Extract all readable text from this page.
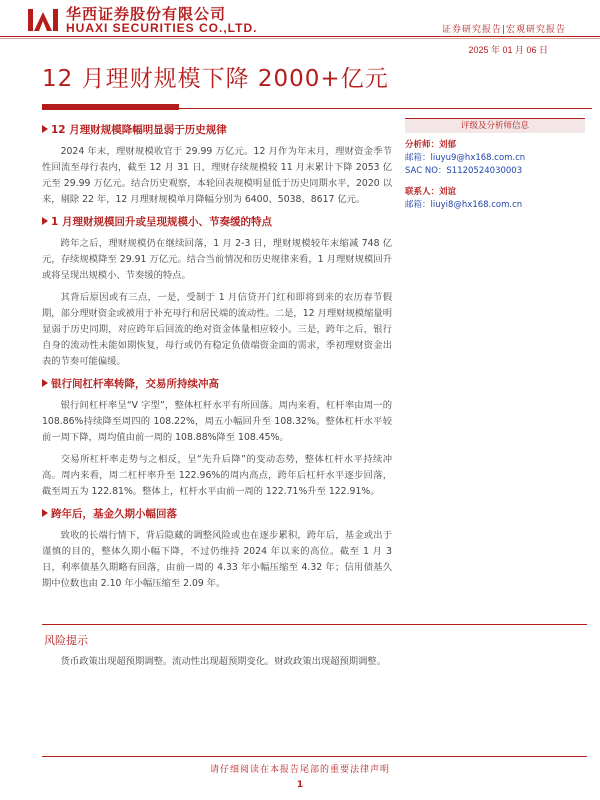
华西证券股份有限公司
HUAXI SECURITIES CO.,LTD.	证券研究报告|宏观研究报告
2025 年 01 月 06 日
12 月理财规模下降 2000+亿元
12 月理财规模降幅明显弱于历史规律

2024 年末，理财规模收官于 29.99 万亿元。12 月作为年末月，理财资金季节性回流至母行表内，截至 12 月 31 日，理财存续规模较 11 月末累计下降 2053 亿元至 29.99 万亿元。结合历史观察，本轮回表规模明显低于历史同期水平，2020 以来，剔除 22 年，12 月理财规模单月降幅分别为 6400、5038、8617 亿元。

1 月理财规模回升或呈现规模小、节奏缓的特点

跨年之后，理财规模仍在继续回落，1 月 2-3 日，理财规模较年末缩减 748 亿元，存续规模降至 29.91 万亿元。结合当前情况和历史规律来看，1 月理财规模回升或将呈现出规模小、节奏缓的特点。

其背后原因或有三点，一是，受制于 1 月信贷开门红和即将到来的农历春节假期，部分理财资金或被用于补充母行和居民端的流动性。二是，12 月理财规模缩量明显弱于历史同期，对应跨年后回流的绝对资金体量相应较小。三是，跨年之后，银行自身的流动性未能如期恢复，母行或仍有稳定负债端资金面的需求，季初理财资金出表的节奏可能偏缓。

银行间杠杆率转降，交易所持续冲高

银行间杠杆率呈“V 字型”，整体杠杆水平有所回落。周内来看，杠杆率由周一的 108.86%持续降至周四的 108.22%，周五小幅回升至 108.32%。整体杠杆水平较前一周下降，周均值由前一周的 108.88%降至 108.45%。

交易所杠杆率走势与之相反，呈“先升后降”的变动态势，整体杠杆水平持续冲高。周内来看，周二杠杆率升至 122.96%的周内高点，跨年后杠杆水平逐步回落，截至周五为 122.81%。整体上，杠杆水平由前一周的 122.71%升至 122.91%。

跨年后，基金久期小幅回落

致收的长端行情下，背后隐藏的调整风险或也在逐步累积，跨年后，基金或出于谨慎的目的，整体久期小幅下降，不过仍维持 2024 年以来的高位。截至 1 月 3 日，利率债基久期略有回落，由前一周的 4.33 年小幅压缩至 4.32 年；信用债基久期中位数也由 2.10 年小幅压缩至 2.09 年。

评级及分析师信息
分析师：刘郁
邮箱：liuyu9@hx168.com.cn
SAC NO：S1120524030003
联系人：刘谊
邮箱：liuyi8@hx168.com.cn
风险提示
货币政策出现超预期调整。流动性出现超预期变化。财政政策出现超预期调整。
请仔细阅读在本报告尾部的重要法律声明
1
